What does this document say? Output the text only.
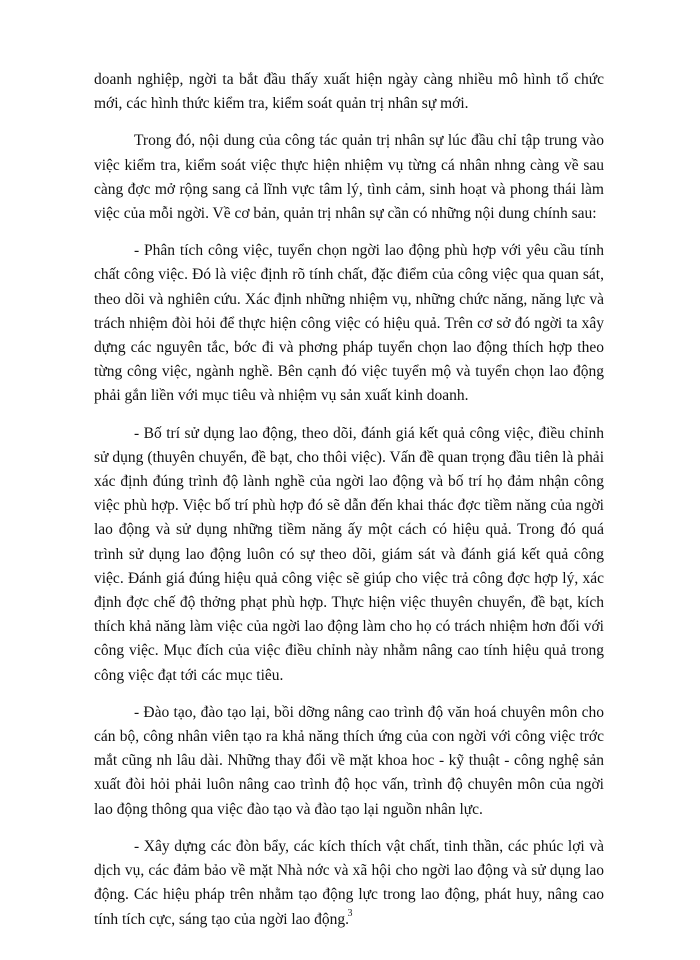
doanh nghiệp, ngời ta bắt đầu thấy xuất hiện ngày càng nhiều mô hình tổ chức mới, các hình thức kiểm tra, kiểm soát quản trị nhân sự mới.

Trong đó, nội dung của công tác quản trị nhân sự lúc đầu chỉ tập trung vào việc kiểm tra, kiểm soát việc thực hiện nhiệm vụ từng cá nhân nhng càng về sau càng đợc mở rộng sang cả lĩnh vực tâm lý, tình cảm, sinh hoạt và phong thái làm việc của mỗi ngời. Về cơ bản, quản trị nhân sự cần có những nội dung chính sau:

- Phân tích công việc, tuyển chọn ngời lao động phù hợp với yêu cầu tính chất công việc. Đó là việc định rõ tính chất, đặc điểm của công việc qua quan sát, theo dõi và nghiên cứu. Xác định những nhiệm vụ, những chức năng, năng lực và trách nhiệm đòi hỏi để thực hiện công việc có hiệu quả. Trên cơ sở đó ngời ta xây dựng các nguyên tắc, bớc đi và phơng pháp tuyển chọn lao động thích hợp theo từng công việc, ngành nghề. Bên cạnh đó việc tuyển mộ và tuyển chọn lao động phải gắn liền với mục tiêu và nhiệm vụ sản xuất kinh doanh.

- Bố trí sử dụng lao động, theo dõi, đánh giá kết quả công việc, điều chỉnh sử dụng (thuyên chuyển, đề bạt, cho thôi việc). Vấn đề quan trọng đầu tiên là phải xác định đúng trình độ lành nghề của ngời lao động và bố trí họ đảm nhận công việc phù hợp. Việc bố trí phù hợp đó sẽ dẫn đến khai thác đợc tiềm năng của ngời lao động và sử dụng những tiềm năng ấy một cách có hiệu quả. Trong đó quá trình sử dụng lao động luôn có sự theo dõi, giám sát và đánh giá kết quả công việc. Đánh giá đúng hiệu quả công việc sẽ giúp cho việc trả công đợc hợp lý, xác định đợc chế độ thởng phạt phù hợp. Thực hiện việc thuyên chuyển, đề bạt, kích thích khả năng làm việc của ngời lao động làm cho họ có trách nhiệm hơn đối với công việc. Mục đích của việc điều chỉnh này nhằm nâng cao tính hiệu quả trong công việc đạt tới các mục tiêu.

- Đào tạo, đào tạo lại, bồi dỡng nâng cao trình độ văn hoá chuyên môn cho cán bộ, công nhân viên tạo ra khả năng thích ứng của con ngời với công việc trớc mắt cũng nh lâu dài. Những thay đổi về mặt khoa hoc - kỹ thuật - công nghệ sản xuất đòi hỏi phải luôn nâng cao trình độ học vấn, trình độ chuyên môn của ngời lao động thông qua việc đào tạo và đào tạo lại nguồn nhân lực.

- Xây dựng các đòn bẩy, các kích thích vật chất, tinh thần, các phúc lợi và dịch vụ, các đảm bảo về mặt Nhà nớc và xã hội cho ngời lao động và sử dụng lao động. Các hiệu pháp trên nhằm tạo động lực trong lao động, phát huy, nâng cao tính tích cực, sáng tạo của ngời lao động.

3
